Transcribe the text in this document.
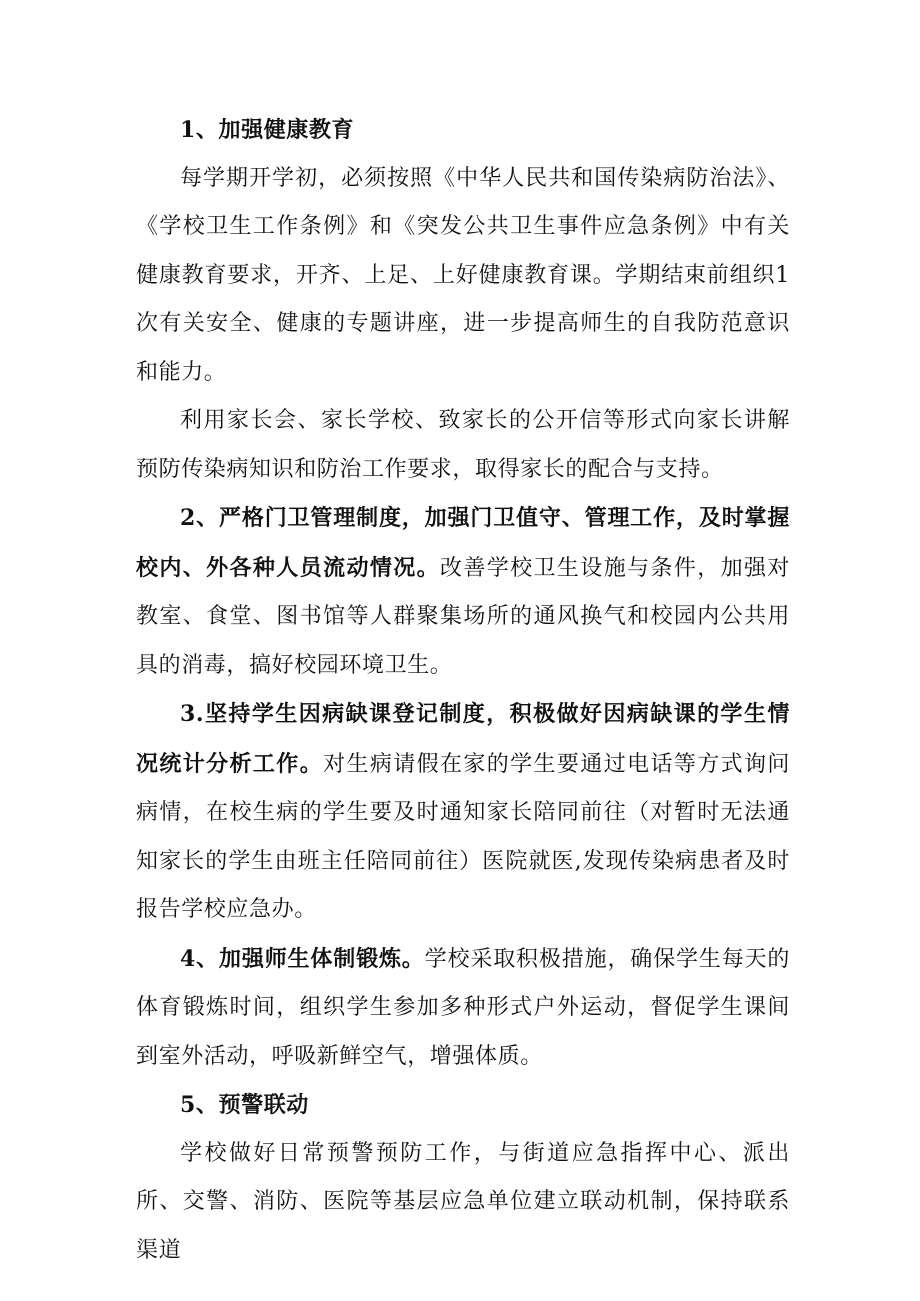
1、加强健康教育

每学期开学初，必须按照《中华人民共和国传染病防治法》、《学校卫生工作条例》和《突发公共卫生事件应急条例》中有关健康教育要求，开齐、上足、上好健康教育课。学期结束前组织1次有关安全、健康的专题讲座，进一步提高师生的自我防范意识和能力。

利用家长会、家长学校、致家长的公开信等形式向家长讲解预防传染病知识和防治工作要求，取得家长的配合与支持。

2、严格门卫管理制度，加强门卫值守、管理工作，及时掌握校内、外各种人员流动情况。改善学校卫生设施与条件，加强对教室、食堂、图书馆等人群聚集场所的通风换气和校园内公共用具的消毒，搞好校园环境卫生。

3.坚持学生因病缺课登记制度，积极做好因病缺课的学生情况统计分析工作。对生病请假在家的学生要通过电话等方式询问病情，在校生病的学生要及时通知家长陪同前往（对暂时无法通知家长的学生由班主任陪同前往）医院就医,发现传染病患者及时报告学校应急办。

4、加强师生体制锻炼。学校采取积极措施，确保学生每天的体育锻炼时间，组织学生参加多种形式户外运动，督促学生课间到室外活动，呼吸新鲜空气，增强体质。

5、预警联动

学校做好日常预警预防工作，与街道应急指挥中心、派出所、交警、消防、医院等基层应急单位建立联动机制，保持联系渠道
